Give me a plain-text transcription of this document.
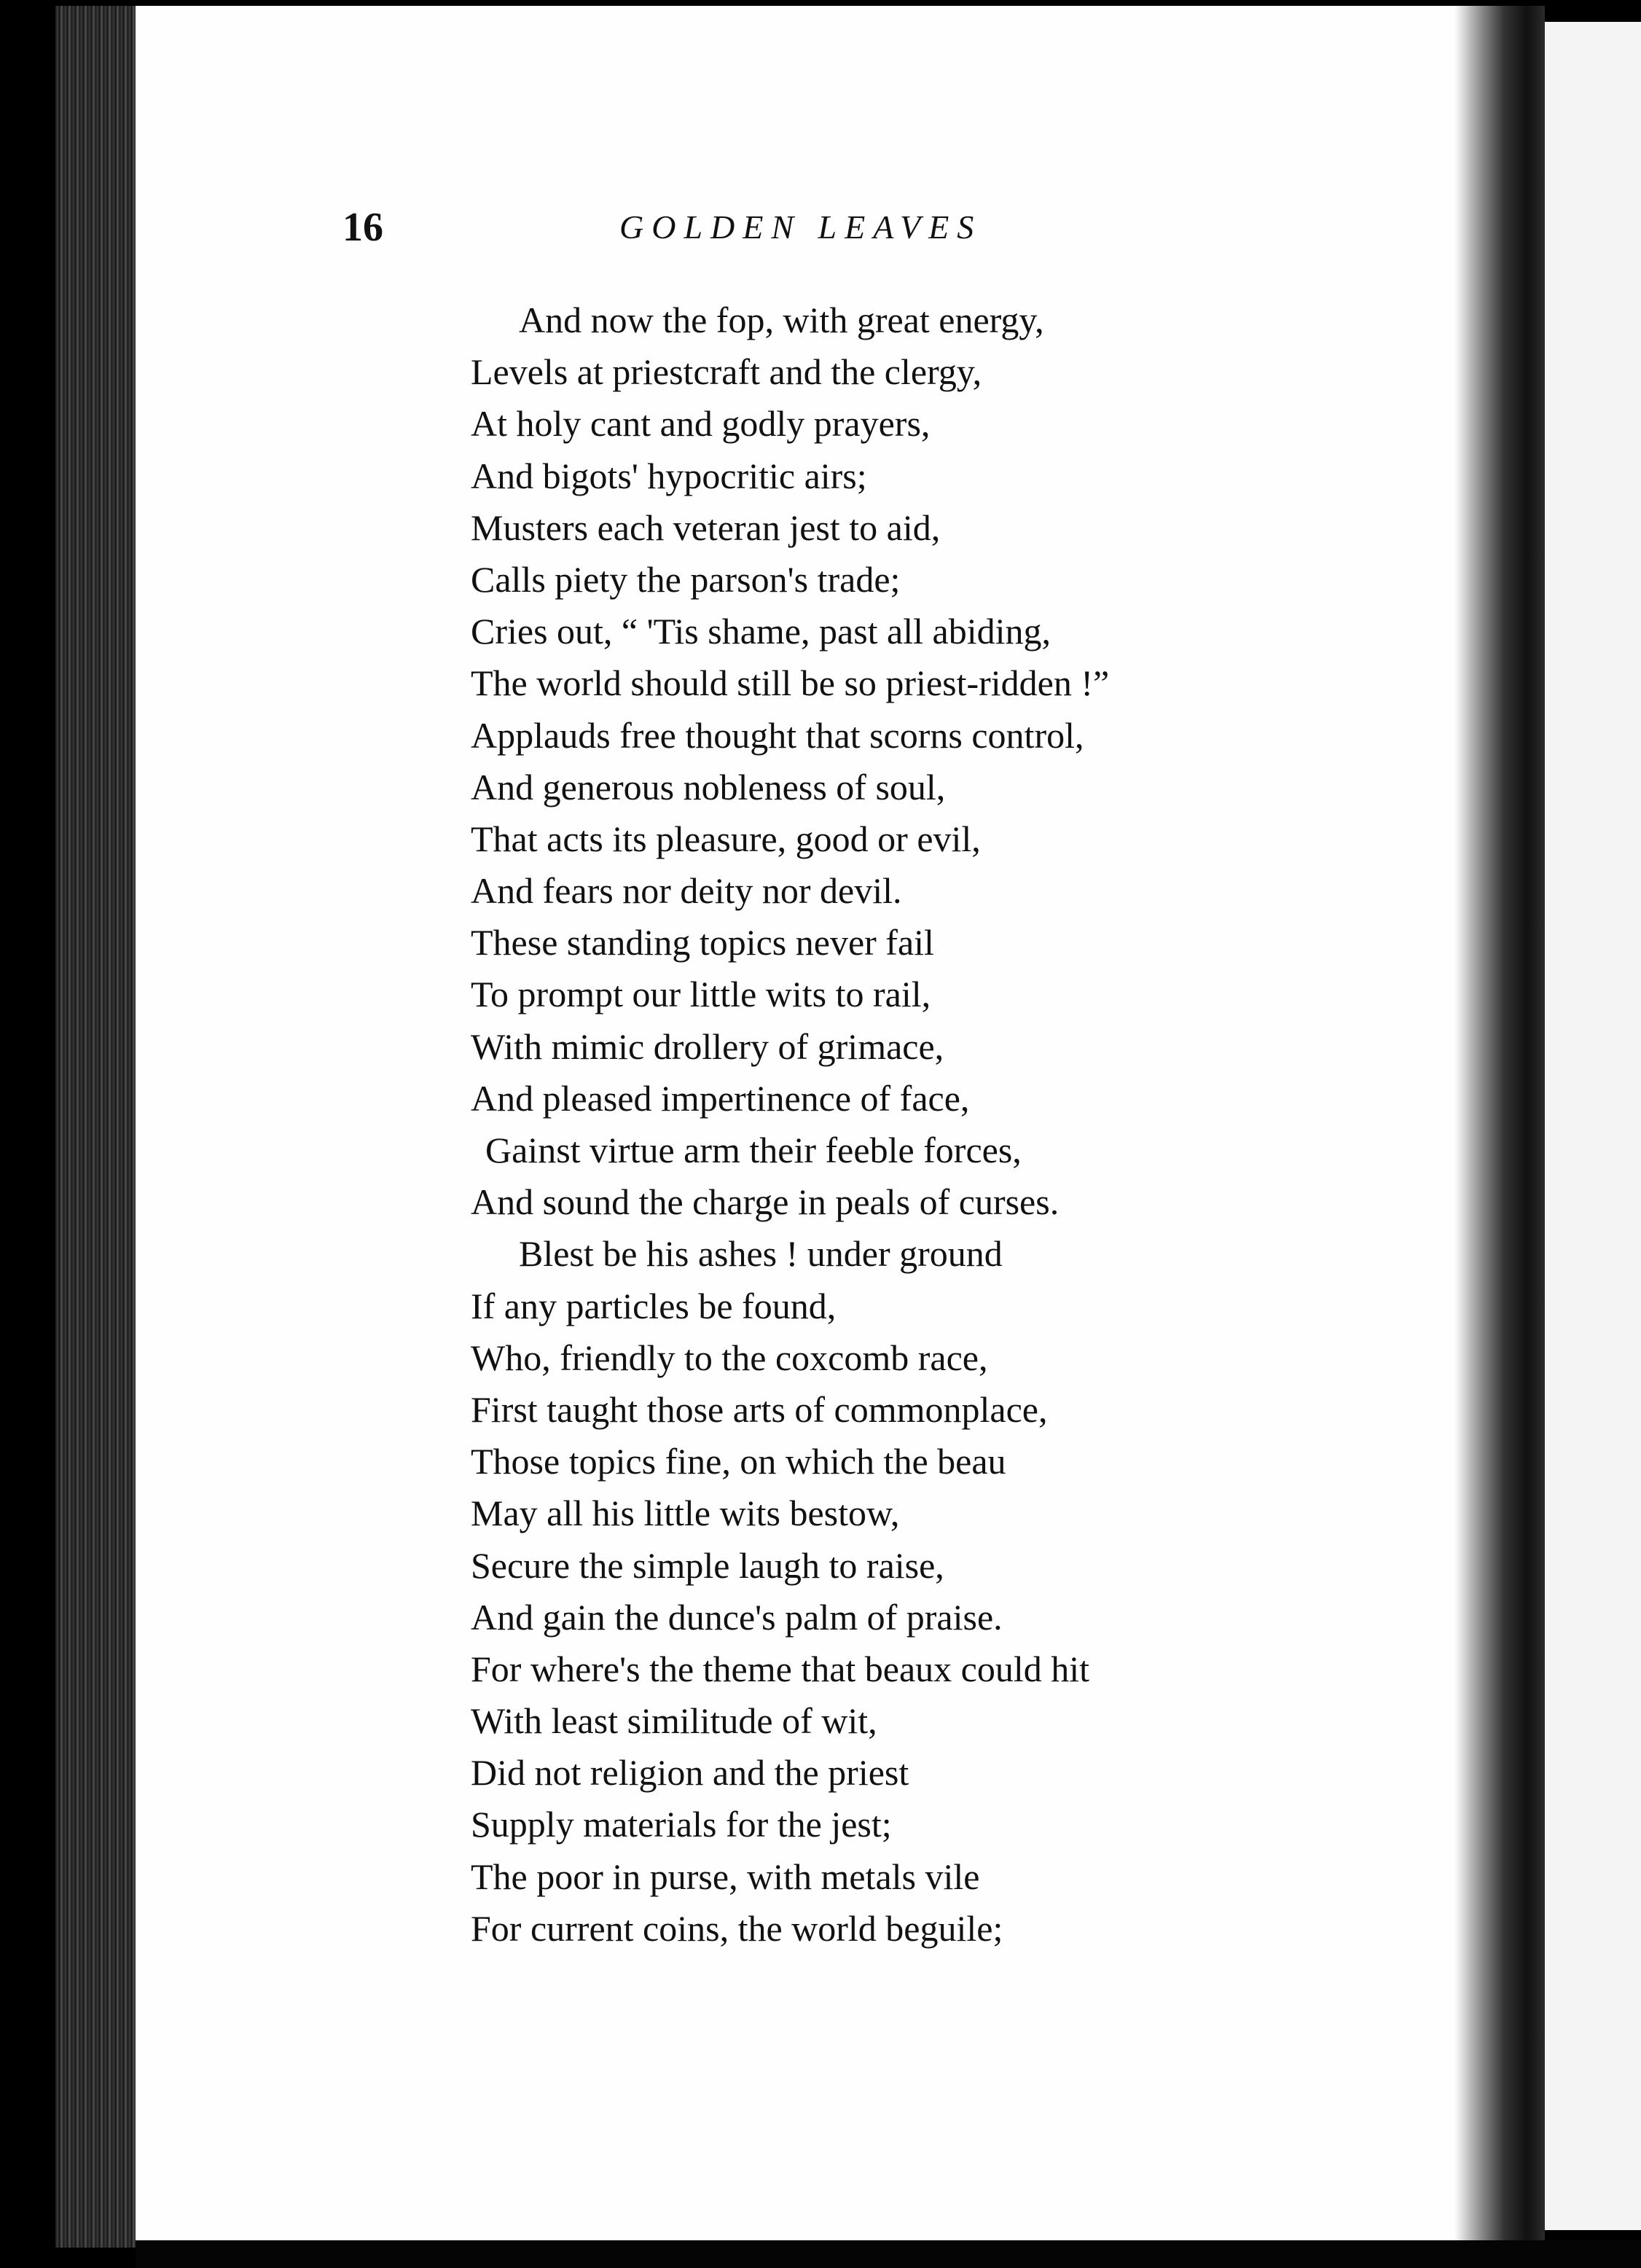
16	GOLDEN LEAVES
And now the fop, with great energy,
Levels at priestcraft and the clergy,
At holy cant and godly prayers,
And bigots' hypocritic airs;
Musters each veteran jest to aid,
Calls piety the parson's trade;
Cries out, “ 'Tis shame, past all abiding,
The world should still be so priest-ridden !”
Applauds free thought that scorns control,
And generous nobleness of soul,
That acts its pleasure, good or evil,
And fears nor deity nor devil.
These standing topics never fail
To prompt our little wits to rail,
With mimic drollery of grimace,
And pleased impertinence of face,
Gainst virtue arm their feeble forces,
And sound the charge in peals of curses.
Blest be his ashes ! under ground
If any particles be found,
Who, friendly to the coxcomb race,
First taught those arts of commonplace,
Those topics fine, on which the beau
May all his little wits bestow,
Secure the simple laugh to raise,
And gain the dunce's palm of praise.
For where's the theme that beaux could hit
With least similitude of wit,
Did not religion and the priest
Supply materials for the jest;
The poor in purse, with metals vile
For current coins, the world beguile;
